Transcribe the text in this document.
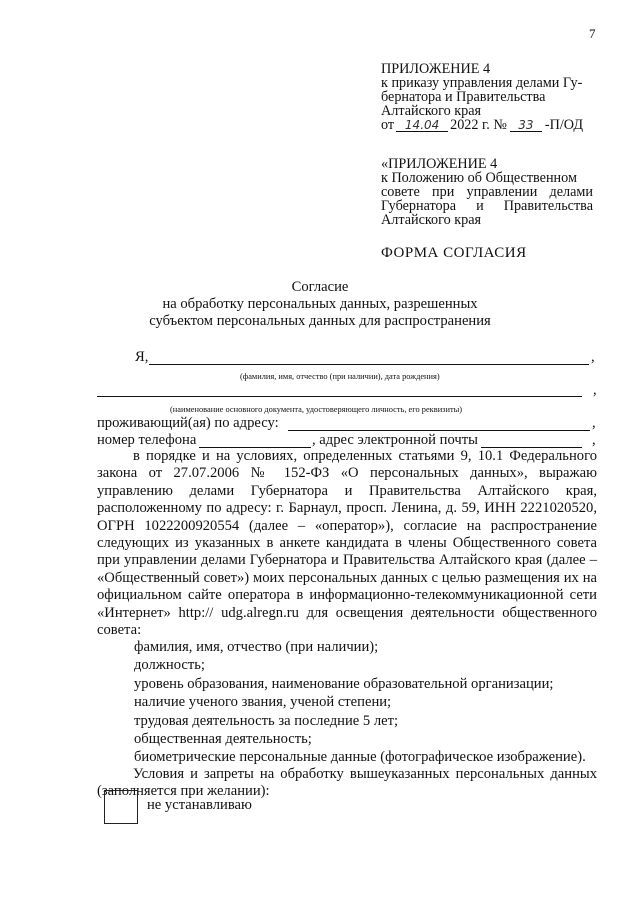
7
ПРИЛОЖЕНИЕ 4
к приказу управления делами Гу-
бернатора и Правительства
Алтайского края
от 14.04 2022 г. № 33 -П/ОД
«ПРИЛОЖЕНИЕ 4
к Положению об Общественном
совете при управлении делами
Губернатора и Правительства
Алтайского края
ФОРМА СОГЛАСИЯ
Согласие
на обработку персональных данных, разрешенных
субъектом персональных данных для распространения
Я,	,
(фамилия, имя, отчество (при наличии), дата рождения)
,
(наименование основного документа, удостоверяющего личность, его реквизиты)
проживающий(ая) по адресу:	,
номер телефона	, адрес электронной почты	,

в порядке и на условиях, определенных статьями 9, 10.1 Федерального закона от 27.07.2006 № 152-ФЗ «О персональных данных», выражаю управлению делами Губернатора и Правительства Алтайского края, расположенному по адресу: г. Барнаул, просп. Ленина, д. 59, ИНН 2221020520, ОГРН 1022200920554 (далее – «оператор»), согласие на распространение следующих из указанных в анкете кандидата в члены Общественного совета при управлении делами Губернатора и Правительства Алтайского края (далее – «Общественный совет») моих персональных данных с целью размещения их на официальном сайте оператора в информационно-телекоммуникационной сети «Интернет» http:// udg.alregn.ru для освещения деятельности общественного совета:

фамилия, имя, отчество (при наличии);
должность;
уровень образования, наименование образовательной организации;
наличие ученого звания, ученой степени;
трудовая деятельность за последние 5 лет;
общественная деятельность;
биометрические персональные данные (фотографическое изображение).

Условия и запреты на обработку вышеуказанных персональных данных (заполняется при желании):

не устанавливаю
